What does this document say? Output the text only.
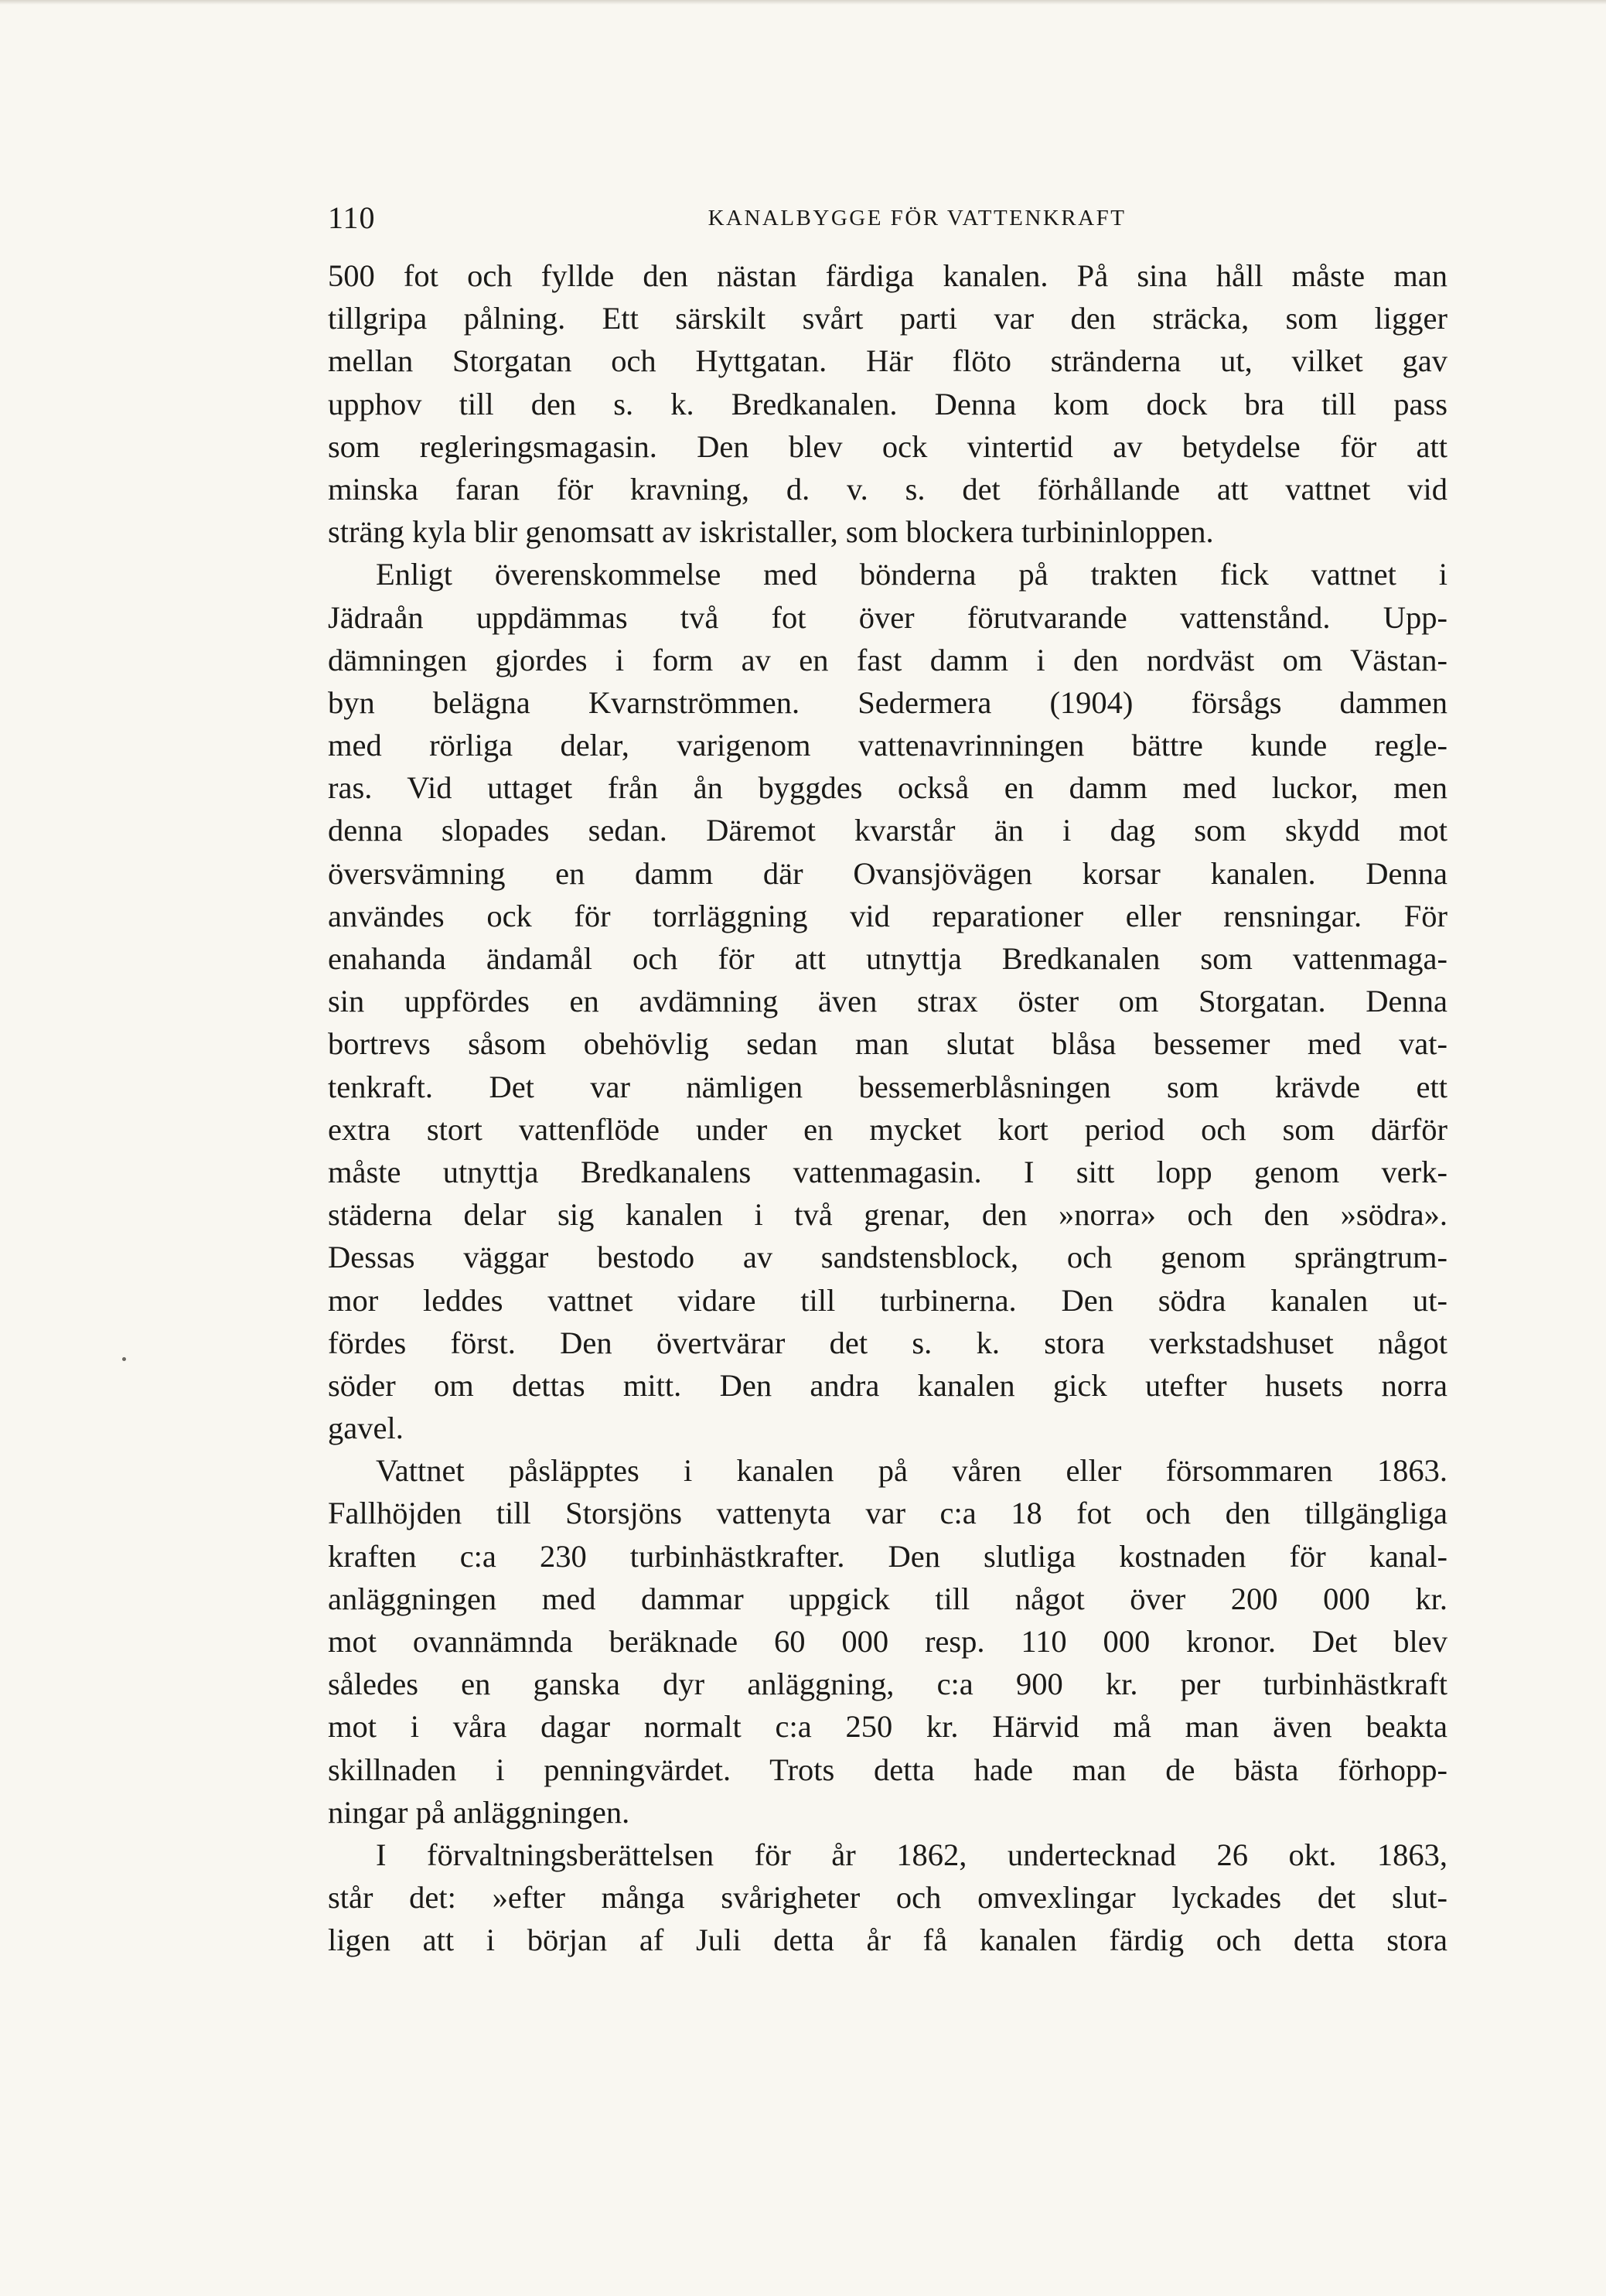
110	KANALBYGGE FÖR VATTENKRAFT
500 fot och fyllde den nästan färdiga kanalen. På sina håll måste man
tillgripa pålning. Ett särskilt svårt parti var den sträcka, som ligger
mellan Storgatan och Hyttgatan. Här flöto stränderna ut, vilket gav
upphov till den s. k. Bredkanalen. Denna kom dock bra till pass
som regleringsmagasin. Den blev ock vintertid av betydelse för att
minska faran för kravning, d. v. s. det förhållande att vattnet vid
sträng kyla blir genomsatt av iskristaller, som blockera turbininloppen.
Enligt överenskommelse med bönderna på trakten fick vattnet i
Jädraån uppdämmas två fot över förutvarande vattenstånd. Upp-
dämningen gjordes i form av en fast damm i den nordväst om Västan-
byn belägna Kvarnströmmen. Sedermera (1904) försågs dammen
med rörliga delar, varigenom vattenavrinningen bättre kunde regle-
ras. Vid uttaget från ån byggdes också en damm med luckor, men
denna slopades sedan. Däremot kvarstår än i dag som skydd mot
översvämning en damm där Ovansjövägen korsar kanalen. Denna
användes ock för torrläggning vid reparationer eller rensningar. För
enahanda ändamål och för att utnyttja Bredkanalen som vattenmaga-
sin uppfördes en avdämning även strax öster om Storgatan. Denna
bortrevs såsom obehövlig sedan man slutat blåsa bessemer med vat-
tenkraft. Det var nämligen bessemerblåsningen som krävde ett
extra stort vattenflöde under en mycket kort period och som därför
måste utnyttja Bredkanalens vattenmagasin. I sitt lopp genom verk-
städerna delar sig kanalen i två grenar, den »norra» och den »södra».
Dessas väggar bestodo av sandstensblock, och genom sprängtrum-
mor leddes vattnet vidare till turbinerna. Den södra kanalen ut-
fördes först. Den övertvärar det s. k. stora verkstadshuset något
söder om dettas mitt. Den andra kanalen gick utefter husets norra
gavel.
Vattnet påsläpptes i kanalen på våren eller försommaren 1863.
Fallhöjden till Storsjöns vattenyta var c:a 18 fot och den tillgängliga
kraften c:a 230 turbinhästkrafter. Den slutliga kostnaden för kanal-
anläggningen med dammar uppgick till något över 200 000 kr.
mot ovannämnda beräknade 60 000 resp. 110 000 kronor. Det blev
således en ganska dyr anläggning, c:a 900 kr. per turbinhästkraft
mot i våra dagar normalt c:a 250 kr. Härvid må man även beakta
skillnaden i penningvärdet. Trots detta hade man de bästa förhopp-
ningar på anläggningen.
I förvaltningsberättelsen för år 1862, undertecknad 26 okt. 1863,
står det: »efter många svårigheter och omvexlingar lyckades det slut-
ligen att i början af Juli detta år få kanalen färdig och detta stora
